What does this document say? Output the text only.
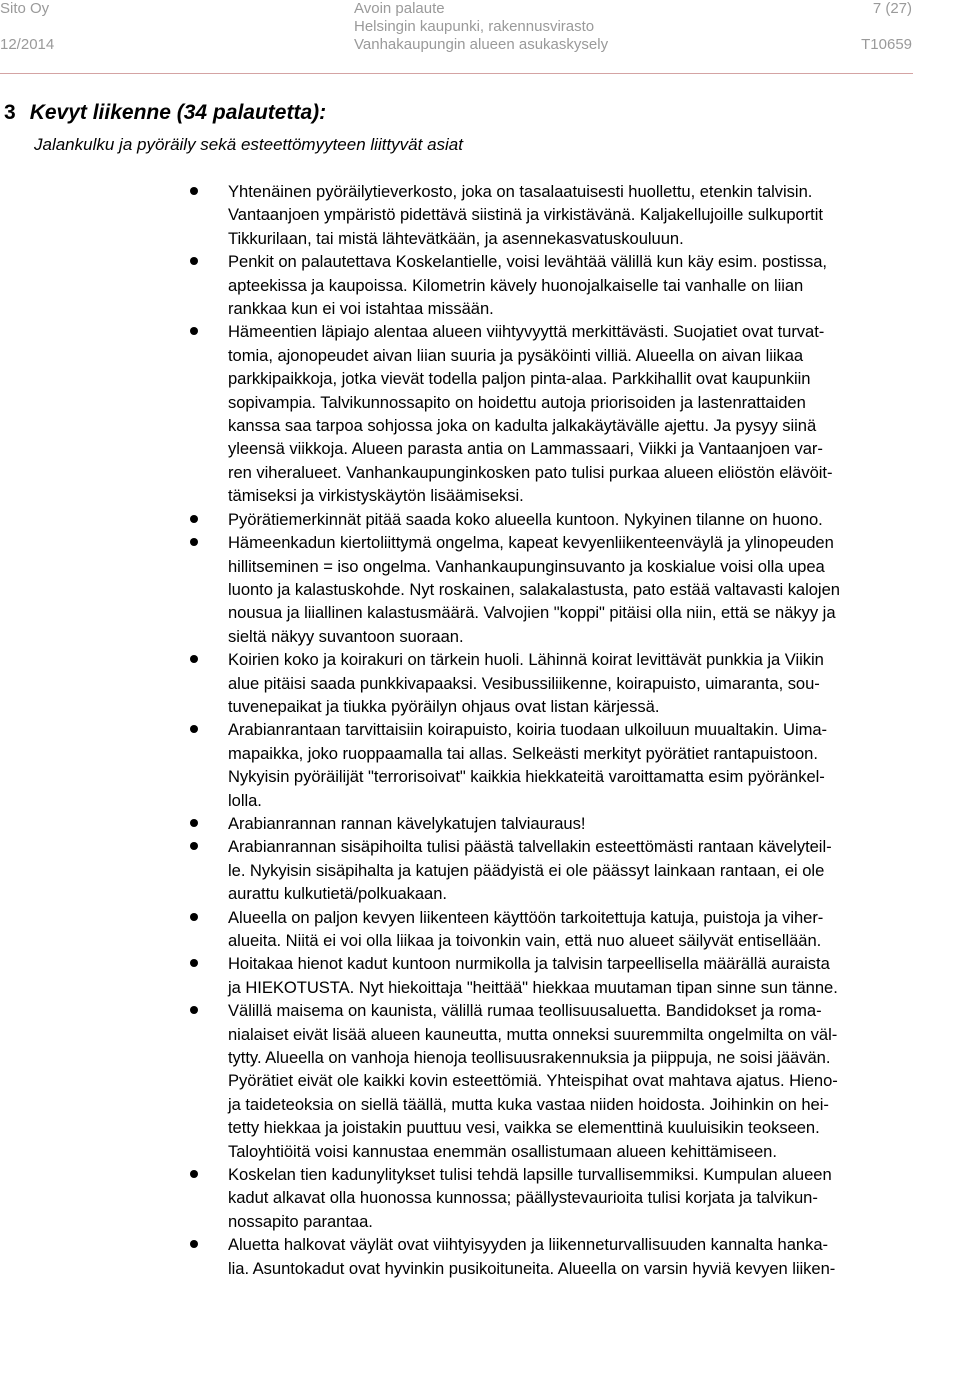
Sito Oy
12/2014
Avoin palaute
Helsingin kaupunki, rakennusvirasto
Vanhakaupungin alueen asukaskysely
7 (27)
T10659
3 Kevyt liikenne (34 palautetta):
Jalankulku ja pyöräily sekä esteettömyyteen liittyvät asiat
Yhtenäinen pyöräilytieverkosto, joka on tasalaatuisesti huollettu, etenkin talvisin.
Vantaanjoen ympäristö pidettävä siistinä ja virkistävänä. Kaljakellujoille sulkuportit
Tikkurilaan, tai mistä lähtevätkään, ja asennekasvatuskouluun.
Penkit on palautettava Koskelantielle, voisi levähtää välillä kun käy esim. postissa,
apteekissa ja kaupoissa. Kilometrin kävely huonojalkaiselle tai vanhalle on liian
rankkaa kun ei voi istahtaa missään.
Hämeentien läpiajo alentaa alueen viihtyvyyttä merkittävästi. Suojatiet ovat turvat-
tomia, ajonopeudet aivan liian suuria ja pysäköinti villiä. Alueella on aivan liikaa
parkkipaikkoja, jotka vievät todella paljon pinta-alaa. Parkkihallit ovat kaupunkiin
sopivampia. Talvikunnossapito on hoidettu autoja priorisoiden ja lastenrattaiden
kanssa saa tarpoa sohjossa joka on kadulta jalkakäytävälle ajettu. Ja pysyy siinä
yleensä viikkoja. Alueen parasta antia on Lammassaari, Viikki ja Vantaanjoen var-
ren viheralueet. Vanhankaupunginkosken pato tulisi purkaa alueen eliöstön elävöit-
tämiseksi ja virkistyskäytön lisäämiseksi.
Pyörätiemerkinnät pitää saada koko alueella kuntoon. Nykyinen tilanne on huono.
Hämeenkadun kiertoliittymä ongelma, kapeat kevyenliikenteenväylä ja ylinopeuden
hillitseminen = iso ongelma. Vanhankaupunginsuvanto ja koskialue voisi olla upea
luonto ja kalastuskohde. Nyt roskainen, salakalastusta, pato estää valtavasti kalojen
nousua ja liiallinen kalastusmäärä. Valvojien "koppi" pitäisi olla niin, että se näkyy ja
sieltä näkyy suvantoon suoraan.
Koirien koko ja koirakuri on tärkein huoli. Lähinnä koirat levittävät punkkia ja Viikin
alue pitäisi saada punkkivapaaksi. Vesibussiliikenne, koirapuisto, uimaranta, sou-
tuvenepaikat ja tiukka pyöräilyn ohjaus ovat listan kärjessä.
Arabianrantaan tarvittaisiin koirapuisto, koiria tuodaan ulkoiluun muualtakin. Uima-
mapaikka, joko ruoppaamalla tai allas. Selkeästi merkityt pyörätiet rantapuistoon.
Nykyisin pyöräilijät "terrorisoivat" kaikkia hiekkateitä varoittamatta esim pyöränkel-
lolla.
Arabianrannan rannan kävelykatujen talviauraus!
Arabianrannan sisäpihoilta tulisi päästä talvellakin esteettömästi rantaan kävelyteil-
le. Nykyisin sisäpihalta ja katujen päädyistä ei ole päässyt lainkaan rantaan, ei ole
aurattu kulkutietä/polkuakaan.
Alueella on paljon kevyen liikenteen käyttöön tarkoitettuja katuja, puistoja ja viher-
alueita. Niitä ei voi olla liikaa ja toivonkin vain, että nuo alueet säilyvät entisellään.
Hoitakaa hienot kadut kuntoon nurmikolla ja talvisin tarpeellisella määrällä auraista
ja HIEKOTUSTA. Nyt hiekoittaja "heittää" hiekkaa muutaman tipan sinne sun tänne.
Välillä maisema on kaunista, välillä rumaa teollisuusaluetta. Bandidokset ja roma-
nialaiset eivät lisää alueen kauneutta, mutta onneksi suuremmilta ongelmilta on väl-
tytty. Alueella on vanhoja hienoja teollisuusrakennuksia ja piippuja, ne soisi jäävän.
Pyörätiet eivät ole kaikki kovin esteettömiä. Yhteispihat ovat mahtava ajatus. Hieno-
ja taideteoksia on siellä täällä, mutta kuka vastaa niiden hoidosta. Joihinkin on hei-
tetty hiekkaa ja joistakin puuttuu vesi, vaikka se elementtinä kuuluisikin teokseen.
Taloyhtiöitä voisi kannustaa enemmän osallistumaan alueen kehittämiseen.
Koskelan tien kadunylitykset tulisi tehdä lapsille turvallisemmiksi. Kumpulan alueen
kadut alkavat olla huonossa kunnossa; päällystevaurioita tulisi korjata ja talvikun-
nossapito parantaa.
Aluetta halkovat väylät ovat viihtyisyyden ja liikenneturvallisuuden kannalta hanka-
lia. Asuntokadut ovat hyvinkin pusikoituneita. Alueella on varsin hyviä kevyen liiken-
